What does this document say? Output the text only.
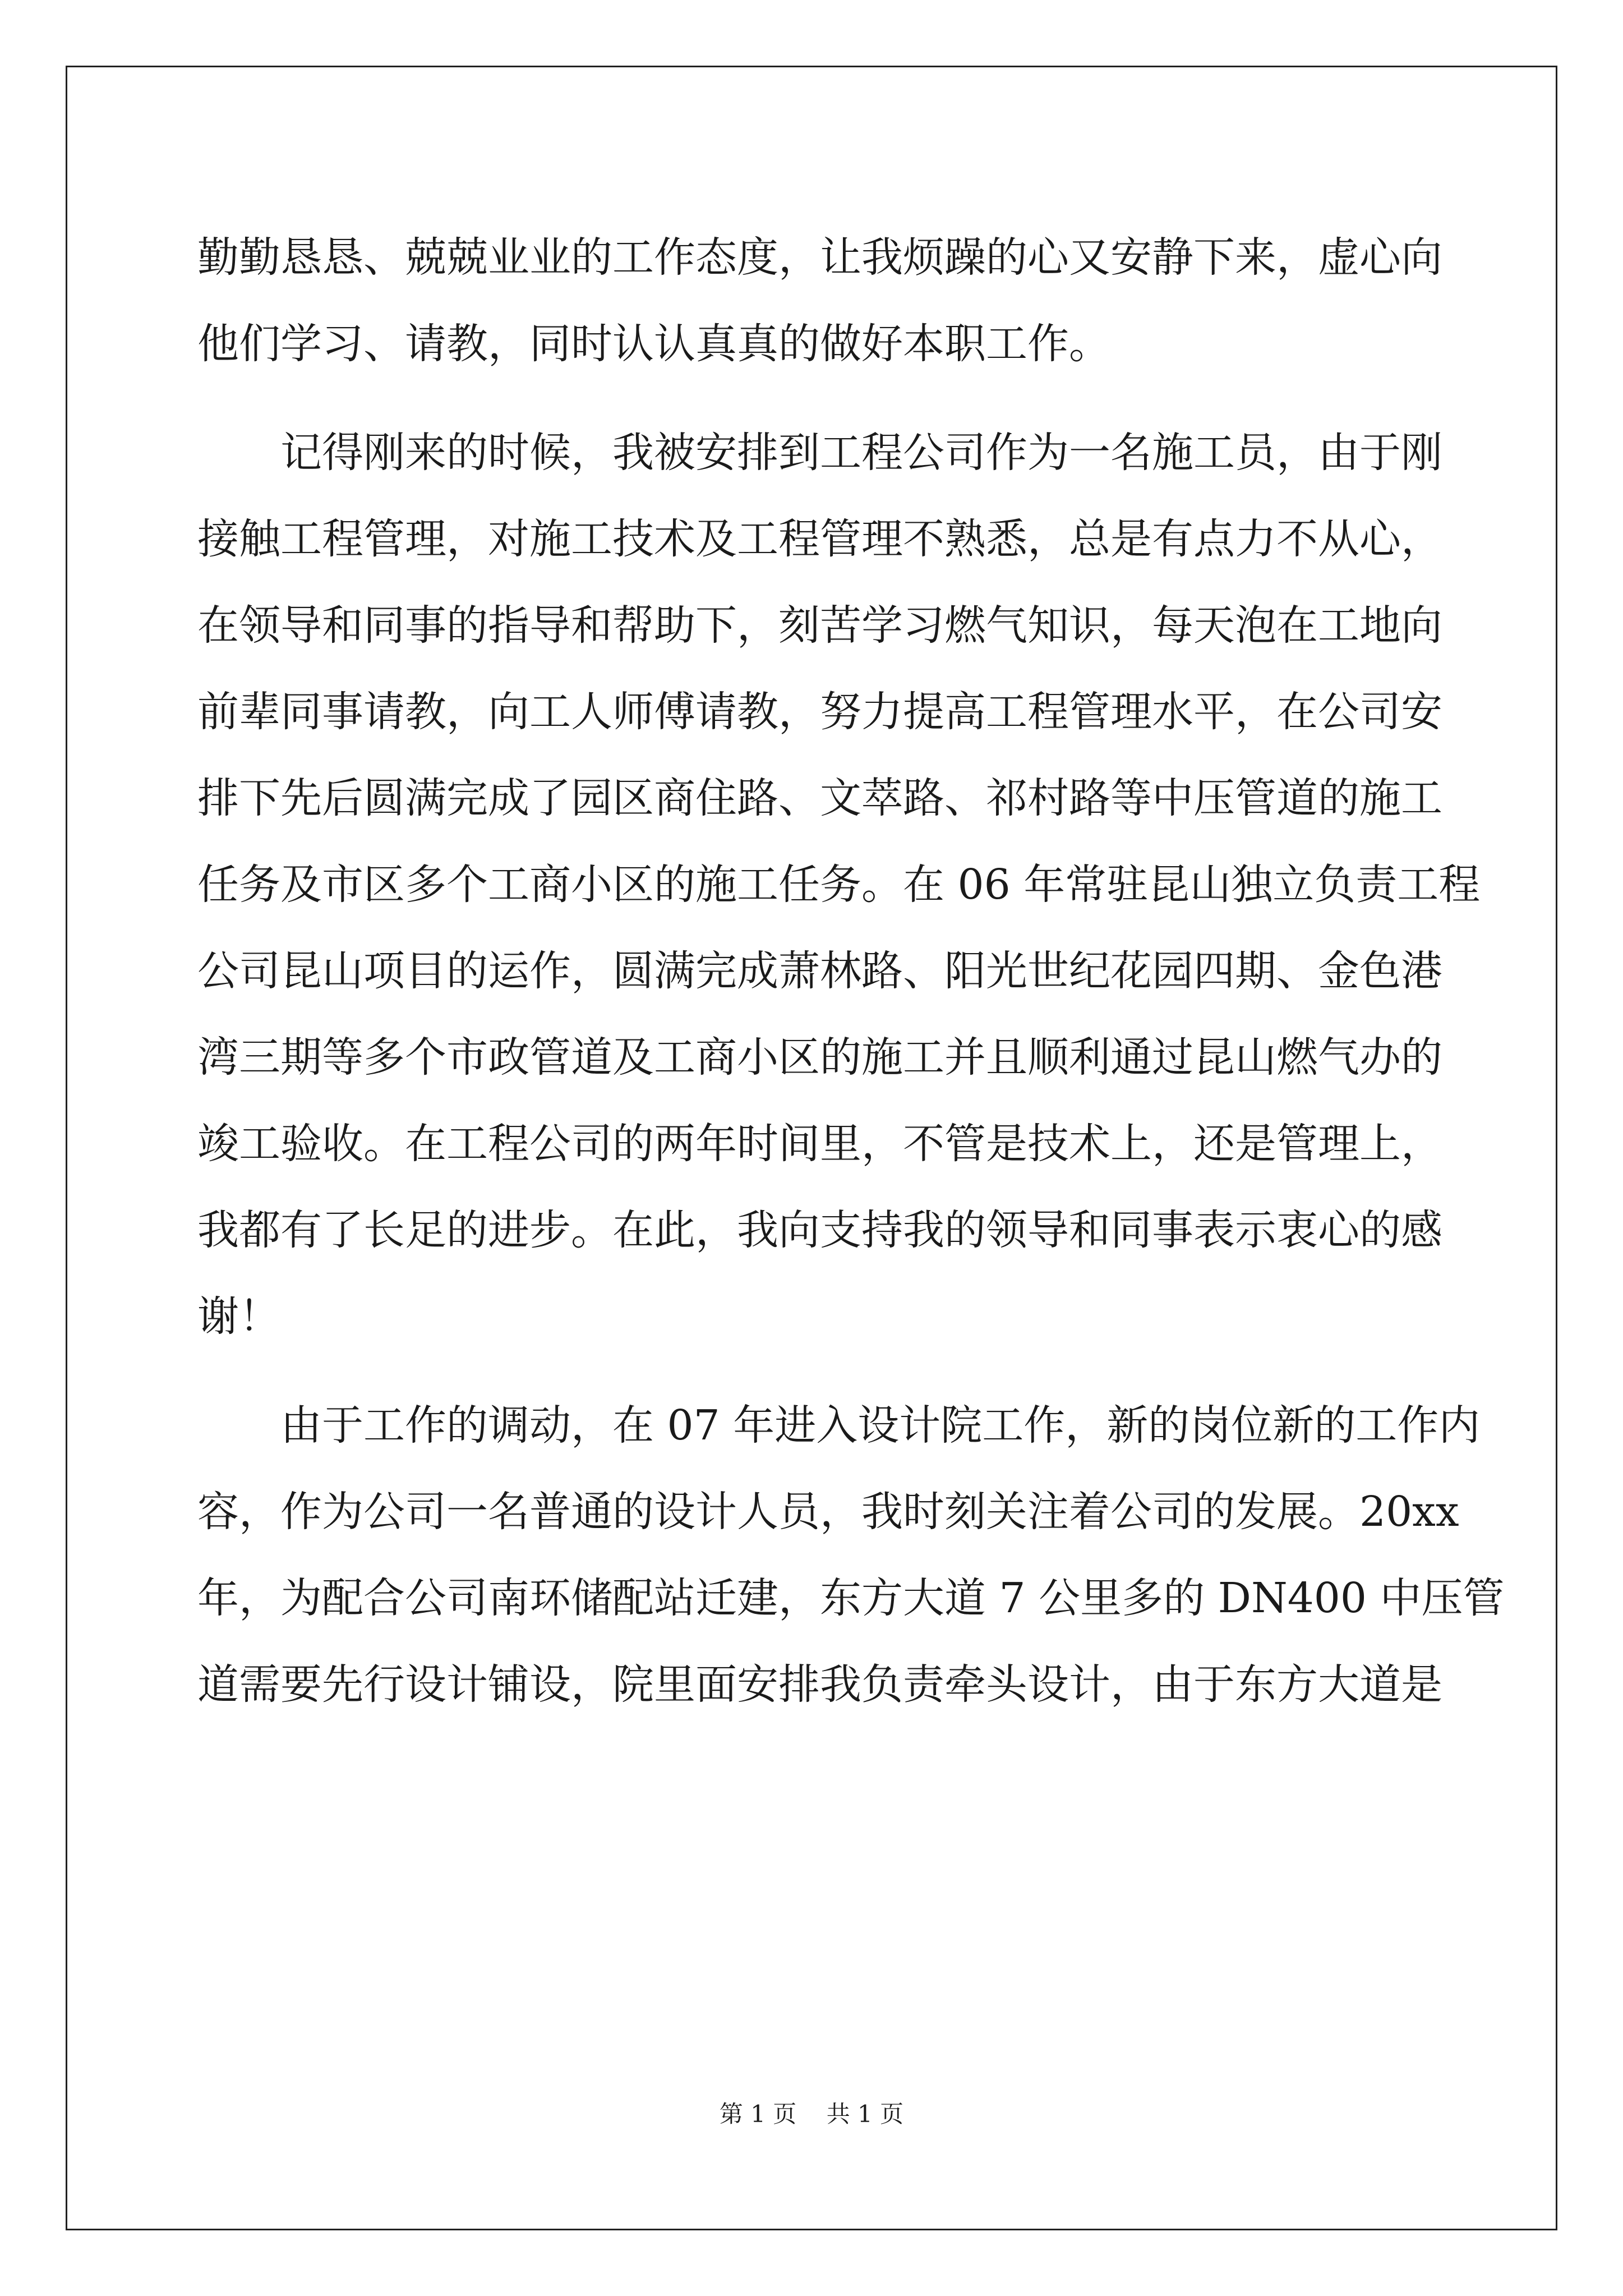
勤勤恳恳、兢兢业业的工作态度，让我烦躁的心又安静下来，虚心向
他们学习、请教，同时认认真真的做好本职工作。
记得刚来的时候，我被安排到工程公司作为一名施工员，由于刚
接触工程管理，对施工技术及工程管理不熟悉，总是有点力不从心，
在领导和同事的指导和帮助下，刻苦学习燃气知识，每天泡在工地向
前辈同事请教，向工人师傅请教，努力提高工程管理水平，在公司安
排下先后圆满完成了园区商住路、文萃路、祁村路等中压管道的施工
任务及市区多个工商小区的施工任务。在 06 年常驻昆山独立负责工程
公司昆山项目的运作，圆满完成萧林路、阳光世纪花园四期、金色港
湾三期等多个市政管道及工商小区的施工并且顺利通过昆山燃气办的
竣工验收。在工程公司的两年时间里，不管是技术上，还是管理上，
我都有了长足的进步。在此，我向支持我的领导和同事表示衷心的感
谢！
由于工作的调动，在 07 年进入设计院工作，新的岗位新的工作内
容，作为公司一名普通的设计人员，我时刻关注着公司的发展。20xx
年，为配合公司南环储配站迁建，东方大道 7 公里多的 DN400 中压管
道需要先行设计铺设，院里面安排我负责牵头设计，由于东方大道是
第 1 页    共 1 页
